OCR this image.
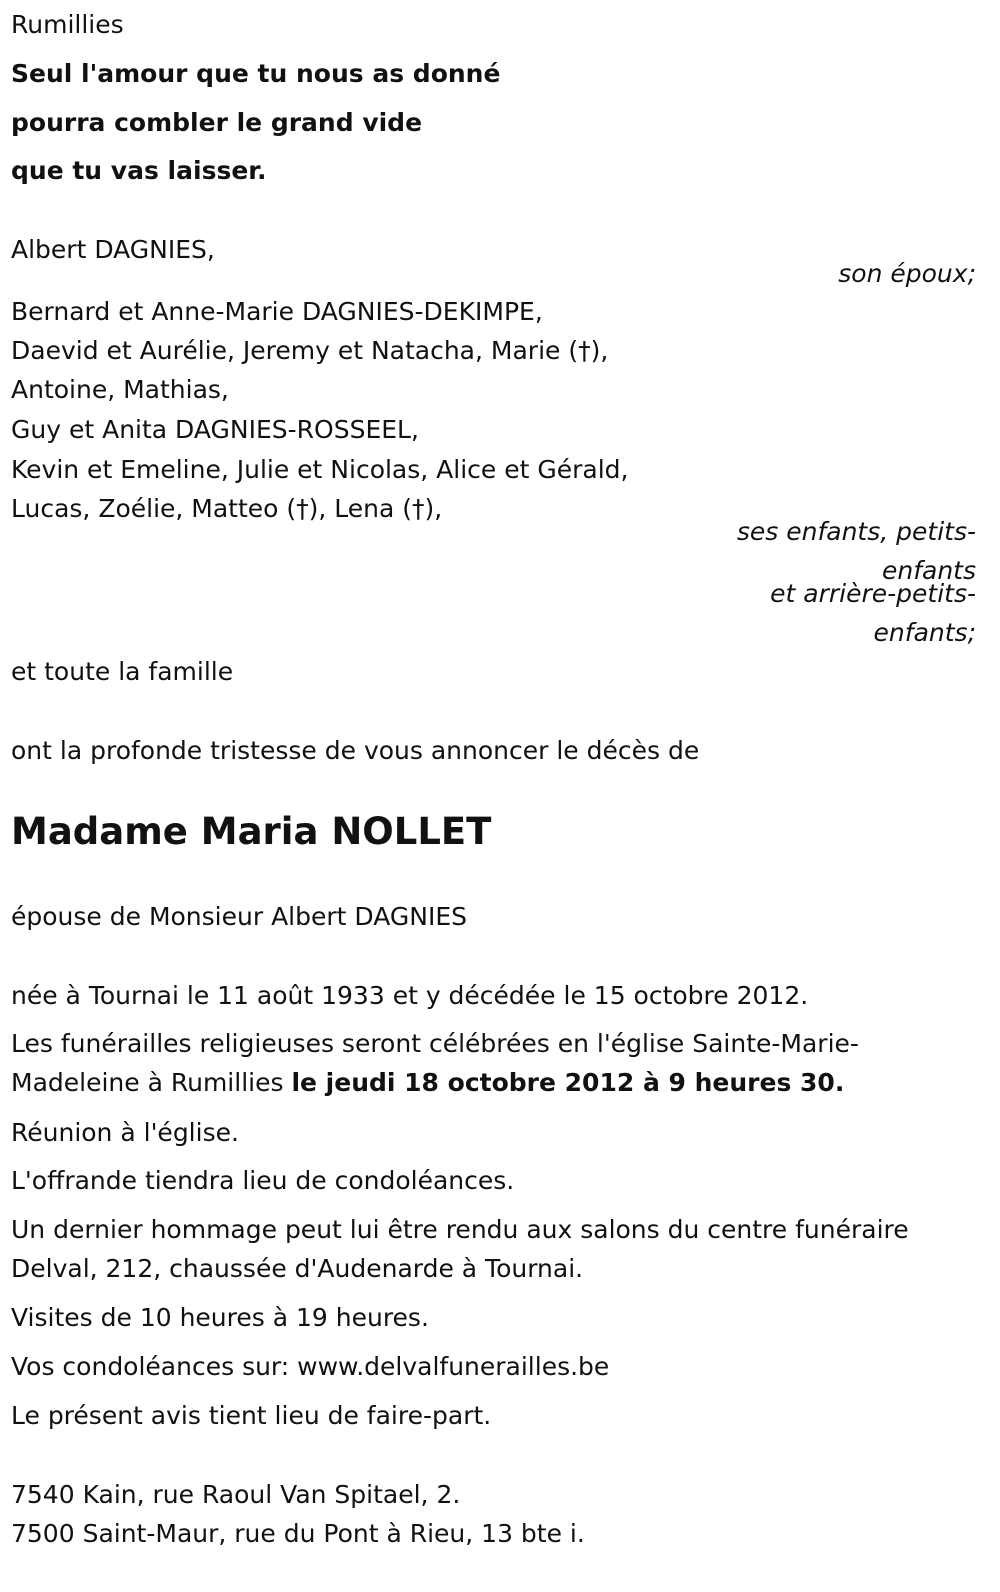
Rumillies
Seul l'amour que tu nous as donné
pourra combler le grand vide
que tu vas laisser.
Albert DAGNIES,
son époux;
Bernard et Anne-Marie DAGNIES-DEKIMPE,
Daevid et Aurélie, Jeremy et Natacha, Marie (†),
Antoine, Mathias,
Guy et Anita DAGNIES-ROSSEEL,
Kevin et Emeline, Julie et Nicolas, Alice et Gérald,
Lucas, Zoélie, Matteo (†), Lena (†),
ses enfants, petits-
enfants
et arrière-petits-
enfants;
et toute la famille
ont la profonde tristesse de vous annoncer le décès de
Madame Maria NOLLET
épouse de Monsieur Albert DAGNIES
née à Tournai le 11 août 1933 et y décédée le 15 octobre 2012.
Les funérailles religieuses seront célébrées en l'église Sainte-Marie-Madeleine à Rumillies le jeudi 18 octobre 2012 à 9 heures 30.
Réunion à l'église.
L'offrande tiendra lieu de condoléances.
Un dernier hommage peut lui être rendu aux salons du centre funéraire Delval, 212, chaussée d'Audenarde à Tournai.
Visites de 10 heures à 19 heures.
Vos condoléances sur: www.delvalfunerailles.be
Le présent avis tient lieu de faire-part.
7540 Kain, rue Raoul Van Spitael, 2.
7500 Saint-Maur, rue du Pont à Rieu, 13 bte i.
